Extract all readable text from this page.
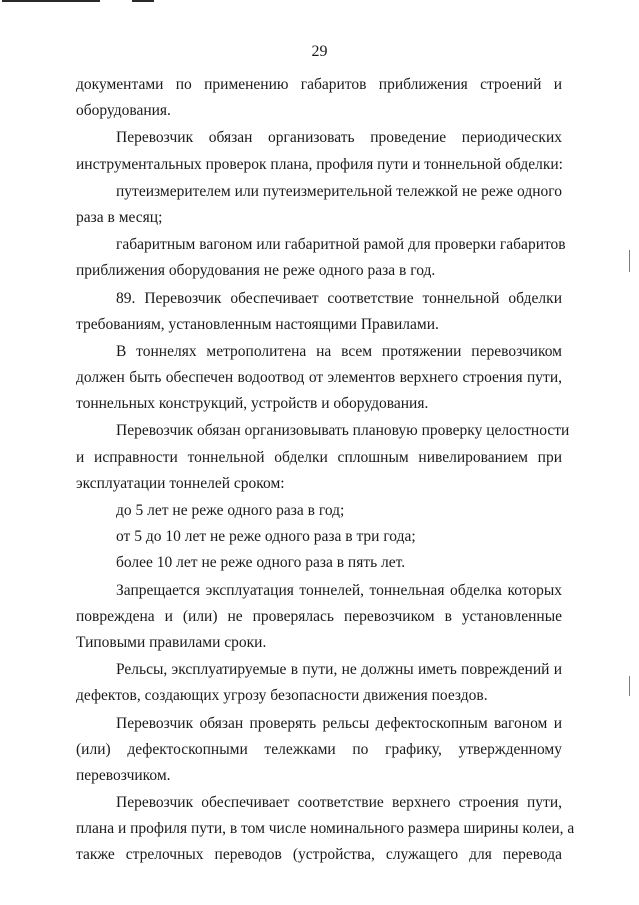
29
документами по применению габаритов приближения строений и
оборудования.
Перевозчик обязан организовать проведение периодических
инструментальных проверок плана, профиля пути и тоннельной обделки:
путеизмерителем или путеизмерительной тележкой не реже одного
раза в месяц;
габаритным вагоном или габаритной рамой для проверки габаритов
приближения оборудования не реже одного раза в год.
89. Перевозчик обеспечивает соответствие тоннельной обделки
требованиям, установленным настоящими Правилами.
В тоннелях метрополитена на всем протяжении перевозчиком
должен быть обеспечен водоотвод от элементов верхнего строения пути,
тоннельных конструкций, устройств и оборудования.
Перевозчик обязан организовывать плановую проверку целостности
и исправности тоннельной обделки сплошным нивелированием при
эксплуатации тоннелей сроком:
до 5 лет не реже одного раза в год;
от 5 до 10 лет не реже одного раза в три года;
более 10 лет не реже одного раза в пять лет.
Запрещается эксплуатация тоннелей, тоннельная обделка которых
повреждена и (или) не проверялась перевозчиком в установленные
Типовыми правилами сроки.
Рельсы, эксплуатируемые в пути, не должны иметь повреждений и
дефектов, создающих угрозу безопасности движения поездов.
Перевозчик обязан проверять рельсы дефектоскопным вагоном и
(или) дефектоскопными тележками по графику, утвержденному
перевозчиком.
Перевозчик обеспечивает соответствие верхнего строения пути,
плана и профиля пути, в том числе номинального размера ширины колеи, а
также стрелочных переводов (устройства, служащего для перевода
